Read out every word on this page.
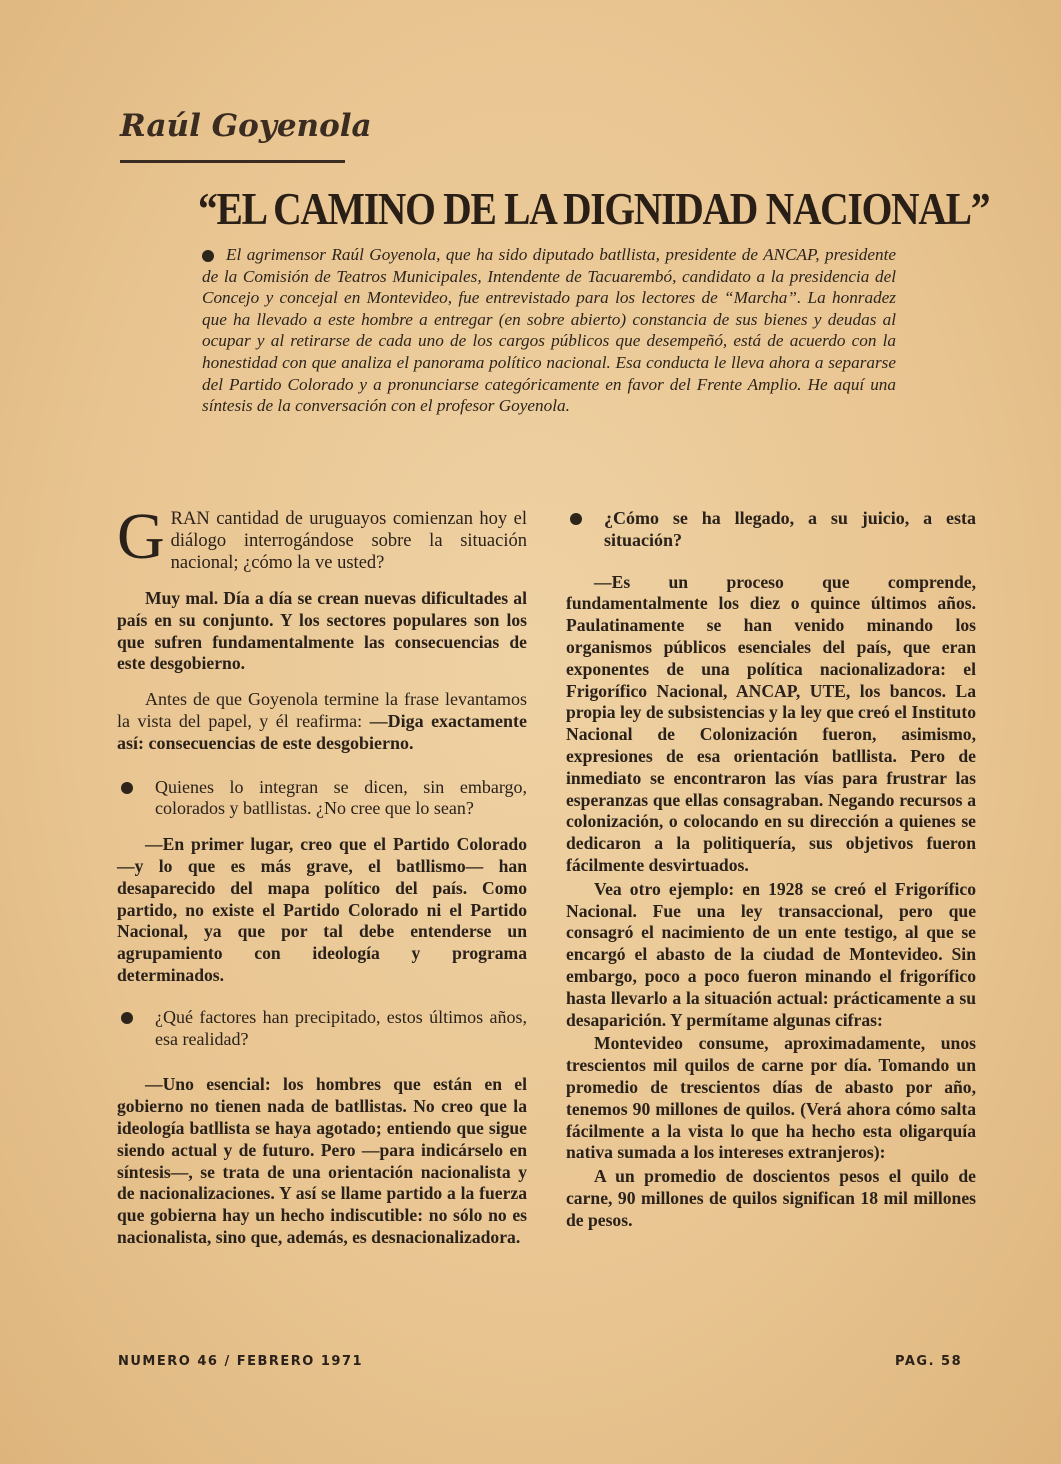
Raúl Goyenola
“EL CAMINO DE LA DIGNIDAD NACIONAL”

El agrimensor Raúl Goyenola, que ha sido diputado batllista, presidente de ANCAP, presidente de la Comisión de Teatros Municipales, Intendente de Tacuarembó, candidato a la presidencia del Concejo y concejal en Montevideo, fue entrevistado para los lectores de “Marcha”. La honradez que ha llevado a este hombre a entregar (en sobre abierto) constancia de sus bienes y deudas al ocupar y al retirarse de cada uno de los cargos públicos que desempeñó, está de acuerdo con la honestidad con que analiza el panorama político nacional. Esa conducta le lleva ahora a separarse del Partido Colorado y a pronunciarse categóricamente en favor del Frente Amplio. He aquí una síntesis de la conversación con el profesor Goyenola.

GRAN cantidad de uruguayos comienzan hoy el diálogo interrogándose sobre la situación nacional; ¿cómo la ve usted?

Muy mal. Día a día se crean nuevas dificultades al país en su conjunto. Y los sectores populares son los que sufren fundamentalmente las consecuencias de este desgobierno.

Antes de que Goyenola termine la frase levantamos la vista del papel, y él reafirma: —Diga exactamente así: consecuencias de este desgobierno.

Quienes lo integran se dicen, sin embargo, colorados y batllistas. ¿No cree que lo sean?

—En primer lugar, creo que el Partido Colorado —y lo que es más grave, el batllismo— han desaparecido del mapa político del país. Como partido, no existe el Partido Colorado ni el Partido Nacional, ya que por tal debe entenderse un agrupamiento con ideología y programa determinados.

¿Qué factores han precipitado, estos últimos años, esa realidad?

—Uno esencial: los hombres que están en el gobierno no tienen nada de batllistas. No creo que la ideología batllista se haya agotado; entiendo que sigue siendo actual y de futuro. Pero —para indicárselo en síntesis—, se trata de una orientación nacionalista y de nacionalizaciones. Y así se llame partido a la fuerza que gobierna hay un hecho indiscutible: no sólo no es nacionalista, sino que, además, es desnacionalizadora.

¿Cómo se ha llegado, a su juicio, a esta situación?

—Es un proceso que comprende, fundamentalmente los diez o quince últimos años. Paulatinamente se han venido minando los organismos públicos esenciales del país, que eran exponentes de una política nacionalizadora: el Frigorífico Nacional, ANCAP, UTE, los bancos. La propia ley de subsistencias y la ley que creó el Instituto Nacional de Colonización fueron, asimismo, expresiones de esa orientación batllista. Pero de inmediato se encontraron las vías para frustrar las esperanzas que ellas consagraban. Negando recursos a colonización, o colocando en su dirección a quienes se dedicaron a la politiquería, sus objetivos fueron fácilmente desvirtuados.

Vea otro ejemplo: en 1928 se creó el Frigorífico Nacional. Fue una ley transaccional, pero que consagró el nacimiento de un ente testigo, al que se encargó el abasto de la ciudad de Montevideo. Sin embargo, poco a poco fueron minando el frigorífico hasta llevarlo a la situación actual: prácticamente a su desaparición. Y permítame algunas cifras:

Montevideo consume, aproximadamente, unos trescientos mil quilos de carne por día. Tomando un promedio de trescientos días de abasto por año, tenemos 90 millones de quilos. (Verá ahora cómo salta fácilmente a la vista lo que ha hecho esta oligarquía nativa sumada a los intereses extranjeros):

A un promedio de doscientos pesos el quilo de carne, 90 millones de quilos significan 18 mil millones de pesos.

NUMERO 46 / FEBRERO 1971	PAG. 58
